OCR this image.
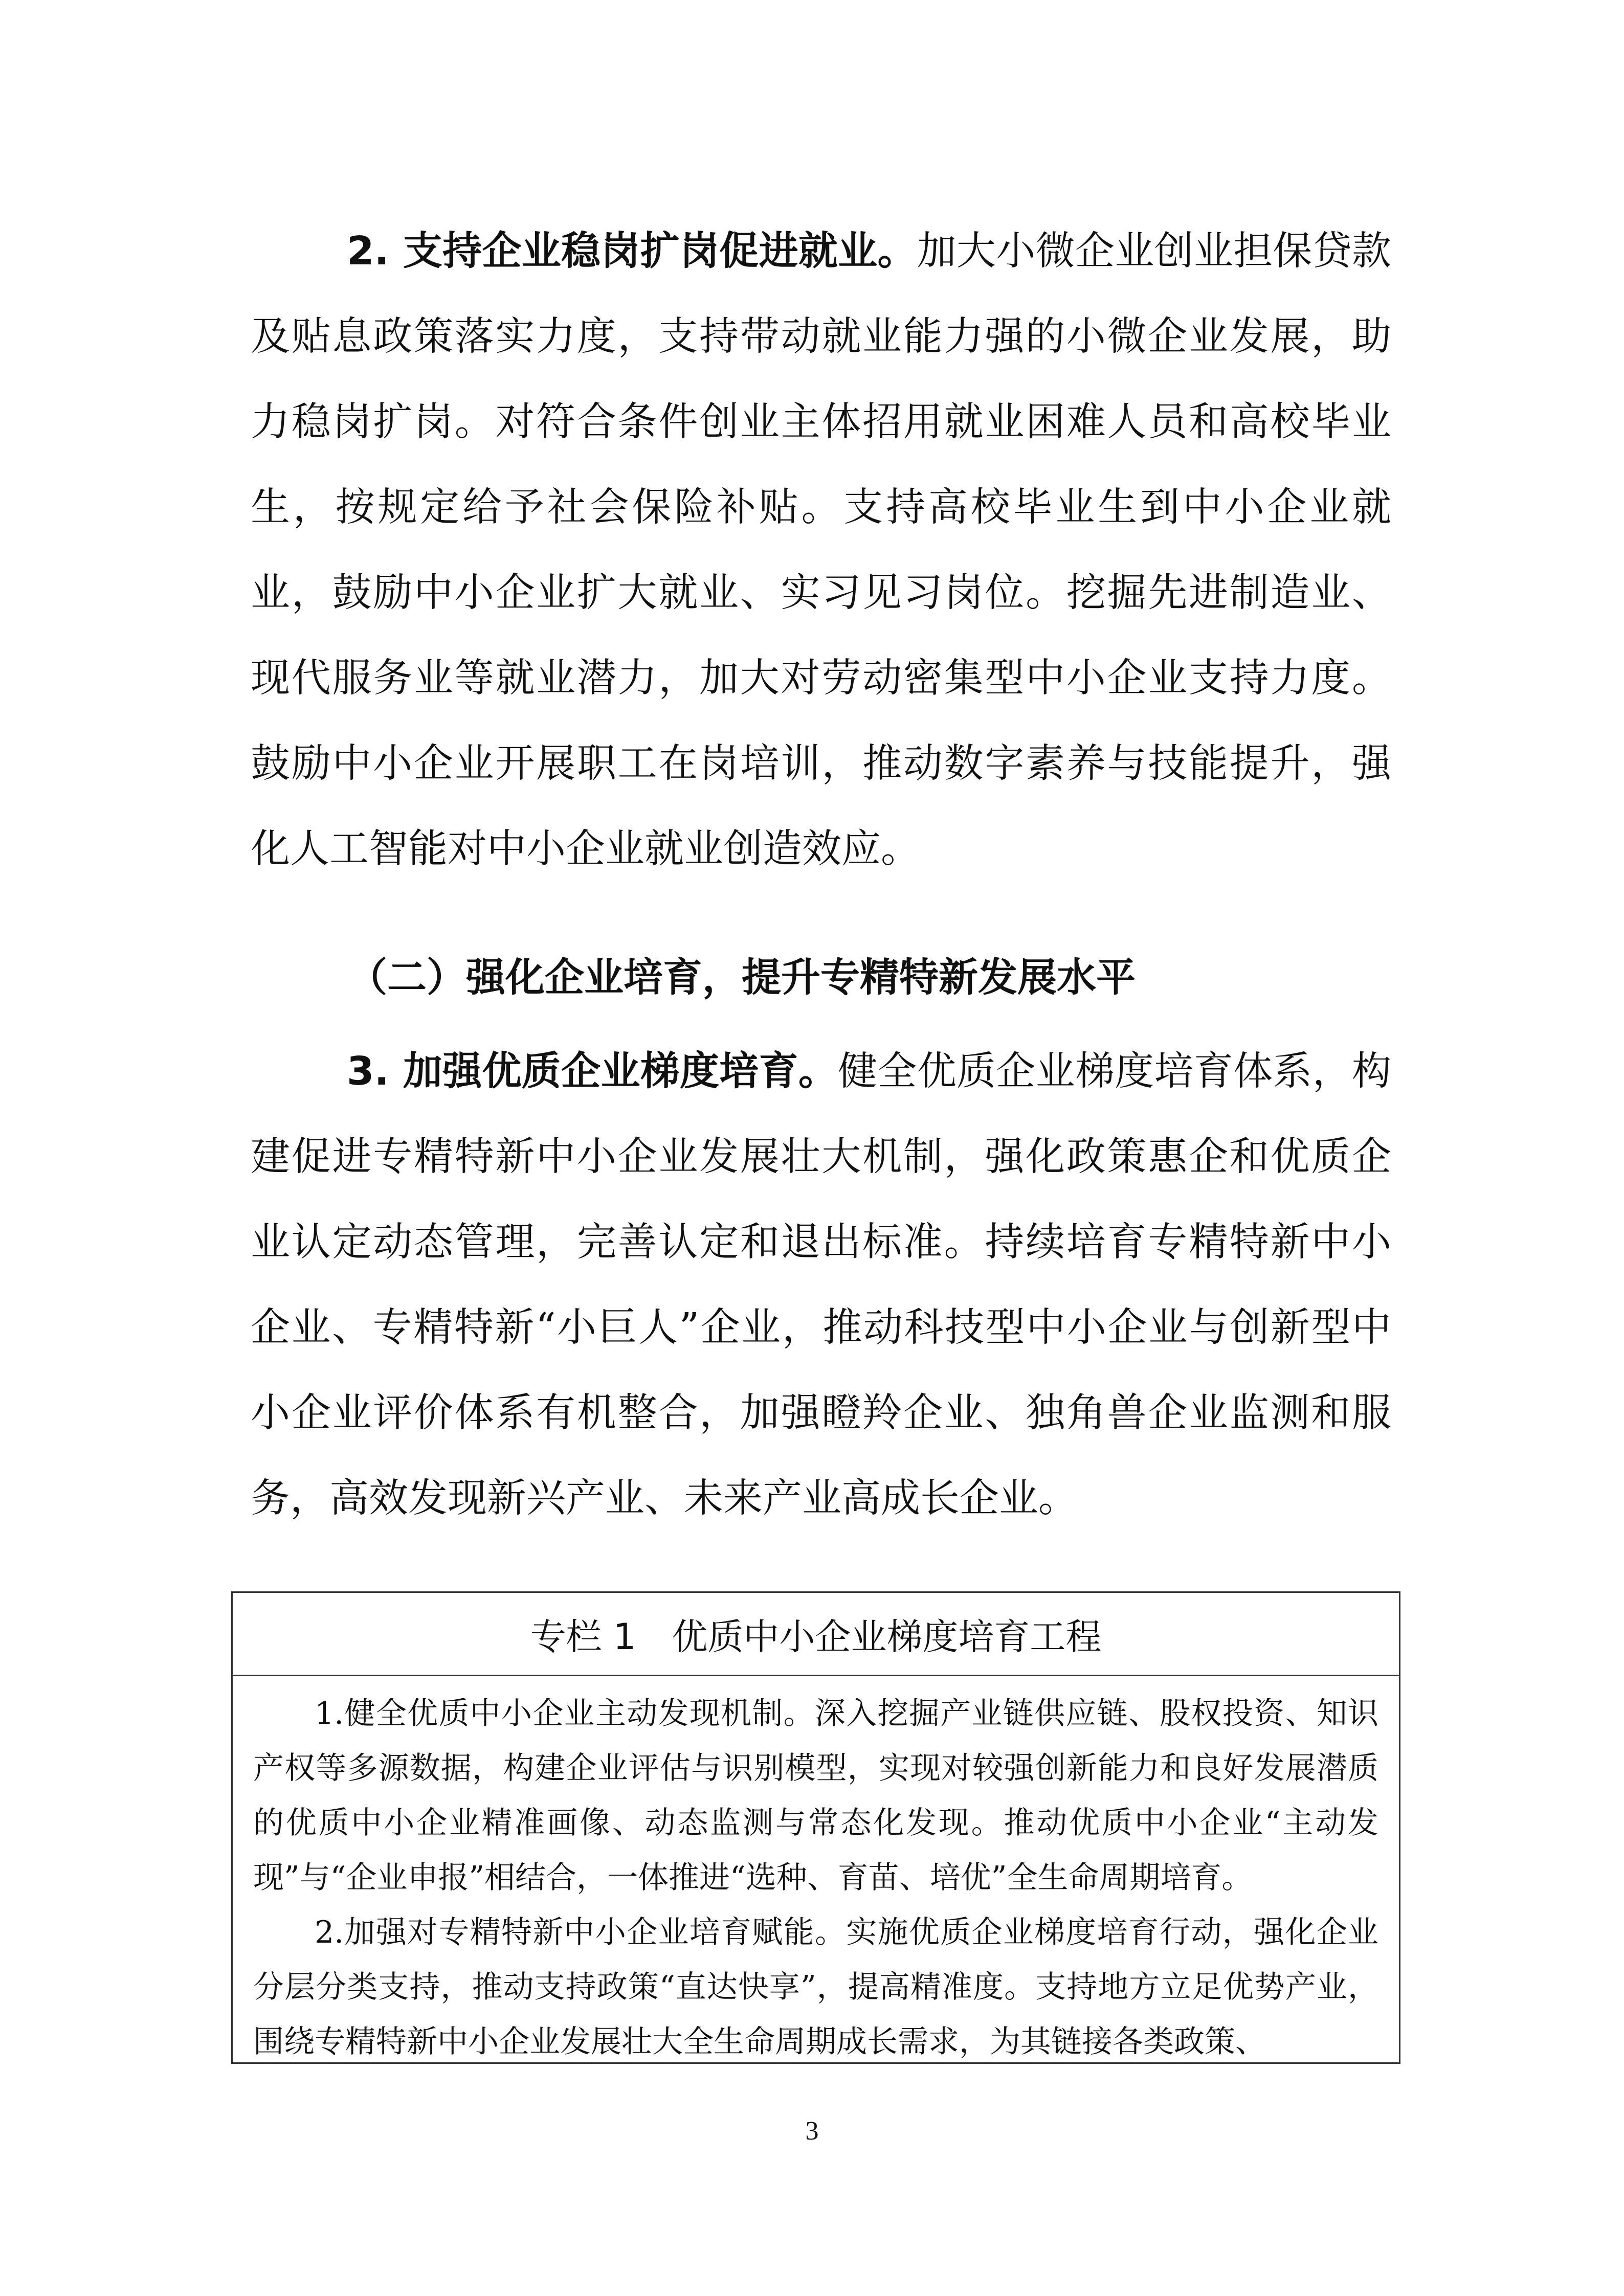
2. 支持企业稳岗扩岗促进就业。加大小微企业创业担保贷款及贴息政策落实力度，支持带动就业能力强的小微企业发展，助力稳岗扩岗。对符合条件创业主体招用就业困难人员和高校毕业生，按规定给予社会保险补贴。支持高校毕业生到中小企业就业，鼓励中小企业扩大就业、实习见习岗位。挖掘先进制造业、现代服务业等就业潜力，加大对劳动密集型中小企业支持力度。鼓励中小企业开展职工在岗培训，推动数字素养与技能提升，强化人工智能对中小企业就业创造效应。

（二）强化企业培育，提升专精特新发展水平

3. 加强优质企业梯度培育。健全优质企业梯度培育体系，构建促进专精特新中小企业发展壮大机制，强化政策惠企和优质企业认定动态管理，完善认定和退出标准。持续培育专精特新中小企业、专精特新“小巨人”企业，推动科技型中小企业与创新型中小企业评价体系有机整合，加强瞪羚企业、独角兽企业监测和服务，高效发现新兴产业、未来产业高成长企业。

专栏 1 优质中小企业梯度培育工程

1.健全优质中小企业主动发现机制。深入挖掘产业链供应链、股权投资、知识产权等多源数据，构建企业评估与识别模型，实现对较强创新能力和良好发展潜质的优质中小企业精准画像、动态监测与常态化发现。推动优质中小企业“主动发现”与“企业申报”相结合，一体推进“选种、育苗、培优”全生命周期培育。

2.加强对专精特新中小企业培育赋能。实施优质企业梯度培育行动，强化企业分层分类支持，推动支持政策“直达快享”，提高精准度。支持地方立足优势产业，围绕专精特新中小企业发展壮大全生命周期成长需求，为其链接各类政策、

3
